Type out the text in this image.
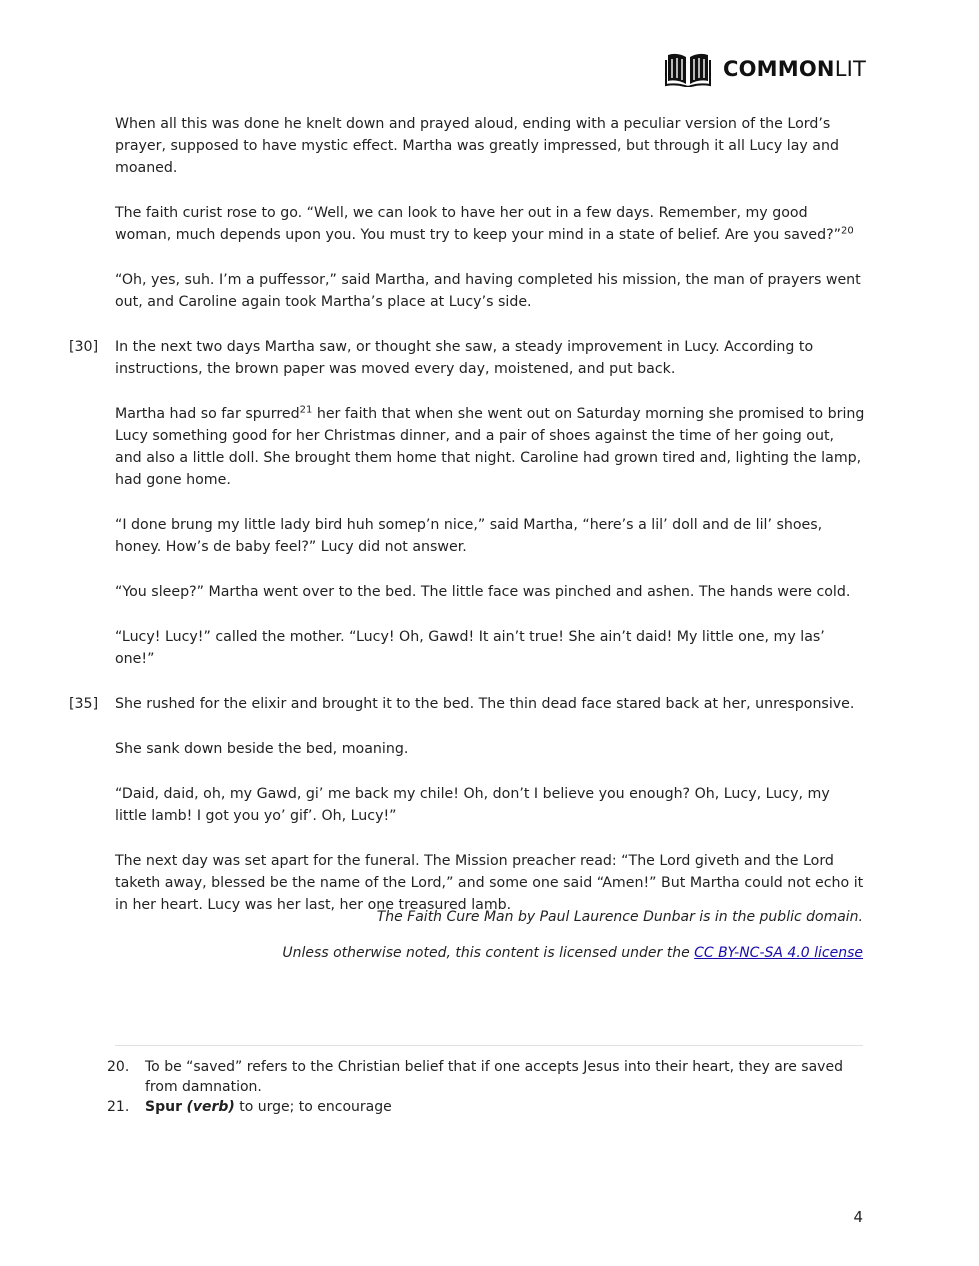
COMMONLIT
When all this was done he knelt down and prayed aloud, ending with a peculiar version of the Lord’s prayer, supposed to have mystic effect. Martha was greatly impressed, but through it all Lucy lay and moaned.
The faith curist rose to go. “Well, we can look to have her out in a few days. Remember, my good woman, much depends upon you. You must try to keep your mind in a state of belief. Are you saved?”$^{20}$
“Oh, yes, suh. I’m a puffessor,” said Martha, and having completed his mission, the man of prayers went out, and Caroline again took Martha’s place at Lucy’s side.
[30] In the next two days Martha saw, or thought she saw, a steady improvement in Lucy. According to instructions, the brown paper was moved every day, moistened, and put back.
Martha had so far spurred$^{21}$ her faith that when she went out on Saturday morning she promised to bring Lucy something good for her Christmas dinner, and a pair of shoes against the time of her going out, and also a little doll. She brought them home that night. Caroline had grown tired and, lighting the lamp, had gone home.
“I done brung my little lady bird huh somep’n nice,” said Martha, “here’s a lil’ doll and de lil’ shoes, honey. How’s de baby feel?” Lucy did not answer.
“You sleep?” Martha went over to the bed. The little face was pinched and ashen. The hands were cold.
“Lucy! Lucy!” called the mother. “Lucy! Oh, Gawd! It ain’t true! She ain’t daid! My little one, my las’ one!”
[35] She rushed for the elixir and brought it to the bed. The thin dead face stared back at her, unresponsive.
She sank down beside the bed, moaning.
“Daid, daid, oh, my Gawd, gi’ me back my chile! Oh, don’t I believe you enough? Oh, Lucy, Lucy, my little lamb! I got you yo’ gif’. Oh, Lucy!”
The next day was set apart for the funeral. The Mission preacher read: “The Lord giveth and the Lord taketh away, blessed be the name of the Lord,” and some one said “Amen!” But Martha could not echo it in her heart. Lucy was her last, her one treasured lamb.

The Faith Cure Man by Paul Laurence Dunbar is in the public domain.

Unless otherwise noted, this content is licensed under the CC BY-NC-SA 4.0 license

20.	To be “saved” refers to the Christian belief that if one accepts Jesus into their heart, they are saved from damnation.
21.	Spur (verb) to urge; to encourage
4
